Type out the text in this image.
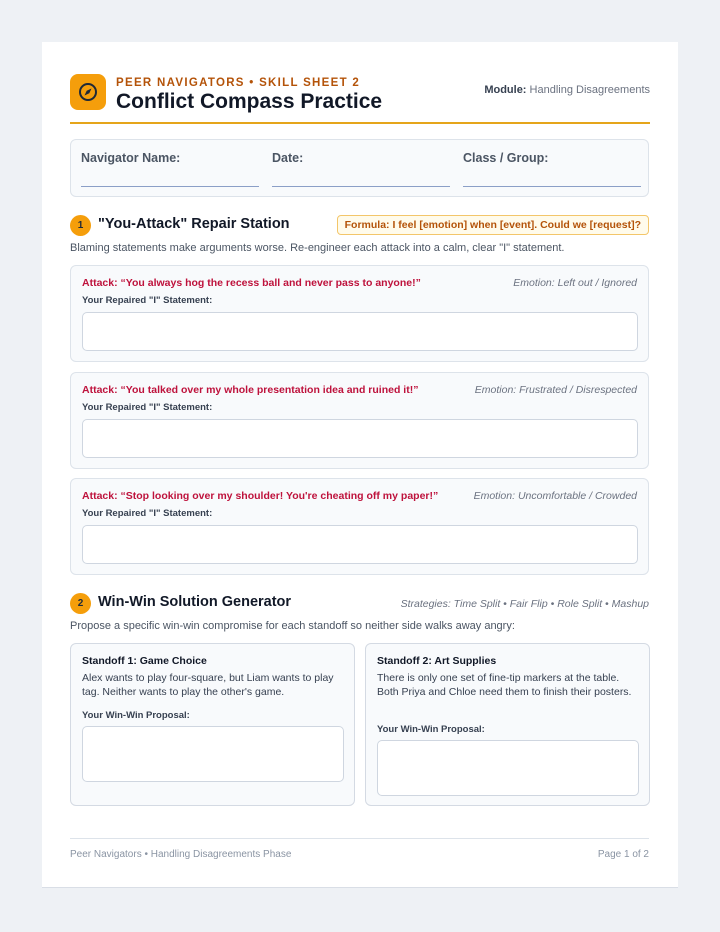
PEER NAVIGATORS • SKILL SHEET 2
Conflict Compass Practice	Module: Handling Disagreements
Navigator Name:	Date:	Class / Group:
1	"You-Attack" Repair Station	Formula: I feel [emotion] when [event]. Could we [request]?
Blaming statements make arguments worse. Re-engineer each attack into a calm, clear "I" statement.
Attack: “You always hog the recess ball and never pass to anyone!”	Emotion: Left out / Ignored
Your Repaired "I" Statement:
Attack: “You talked over my whole presentation idea and ruined it!”	Emotion: Frustrated / Disrespected
Your Repaired "I" Statement:
Attack: “Stop looking over my shoulder! You're cheating off my paper!”	Emotion: Uncomfortable / Crowded
Your Repaired "I" Statement:
2	Win-Win Solution Generator	Strategies: Time Split • Fair Flip • Role Split • Mashup
Propose a specific win-win compromise for each standoff so neither side walks away angry:
Standoff 1: Game Choice
Alex wants to play four-square, but Liam wants to play tag. Neither wants to play the other's game.
Your Win-Win Proposal:
Standoff 2: Art Supplies
There is only one set of fine-tip markers at the table. Both Priya and Chloe need them to finish their posters.
Your Win-Win Proposal:
Peer Navigators • Handling Disagreements Phase	Page 1 of 2
